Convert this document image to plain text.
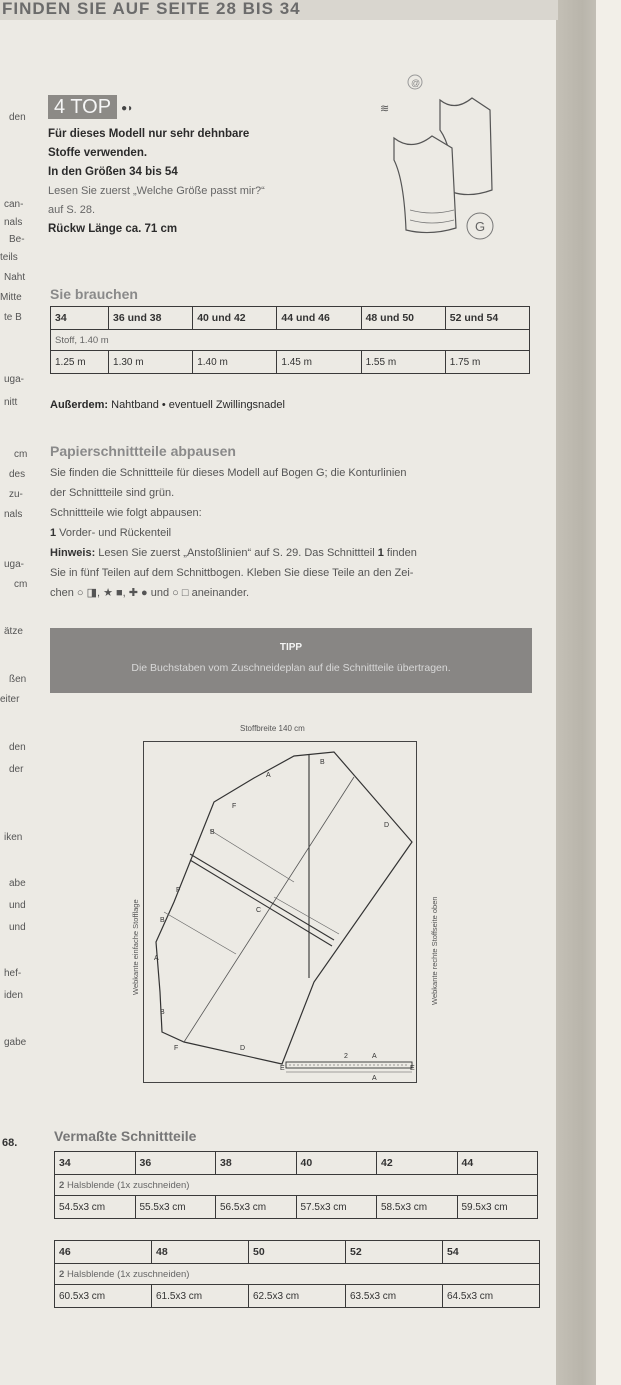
FINDEN SIE AUF SEITE 28 BIS 34
den
can-
nals
Be-
teils
Naht
Mitte
te B
uga-
nitt
cm
des
zu-
nals
uga-
cm
ätze
ßen
eiter
den
der
iken
abe
und
und
hef-
iden
gabe
4 TOP ●◗
Für dieses Modell nur sehr dehnbare
Stoffe verwenden.
In den Größen 34 bis 54
Lesen Sie zuerst „Welche Größe passt mir?“
auf S. 28.
Rückw Länge ca. 71 cm
@
≋
G
Sie brauchen
34	36 und 38	40 und 42	44 und 46	48 und 50	52 und 54
Stoff, 1.40 m					
1.25 m	1.30 m	1.40 m	1.45 m	1.55 m	1.75 m
Außerdem: Nahtband • eventuell Zwillingsnadel
Papierschnittteile abpausen
Sie finden die Schnittteile für dieses Modell auf Bogen G; die Konturlinien
der Schnittteile sind grün.
Schnittteile wie folgt abpausen:
1 Vorder- und Rückenteil
Hinweis: Lesen Sie zuerst „Anstoßlinien“ auf S. 29. Das Schnittteil 1 finden
Sie in fünf Teilen auf dem Schnittbogen. Kleben Sie diese Teile an den Zei-
chen ○ ◨, ★ ■, ✚ ● und ○ □ aneinander.
TIPP
Die Buchstaben vom Zuschneideplan auf die Schnittteile übertragen.
Stoffbreite 140 cm
Webkante einfache Stofflage	Webkante rechte Stoffseite oben
A
B
F
D
B
C
F
B
A
B
F	D
E
2	A
A
E
68.	Vermaßte Schnittteile
34	36	38	40	42	44
2 Halsblende (1x zuschneiden)					
54.5x3 cm	55.5x3 cm	56.5x3 cm	57.5x3 cm	58.5x3 cm	59.5x3 cm
46	48	50	52	54
2 Halsblende (1x zuschneiden)				
60.5x3 cm	61.5x3 cm	62.5x3 cm	63.5x3 cm	64.5x3 cm
